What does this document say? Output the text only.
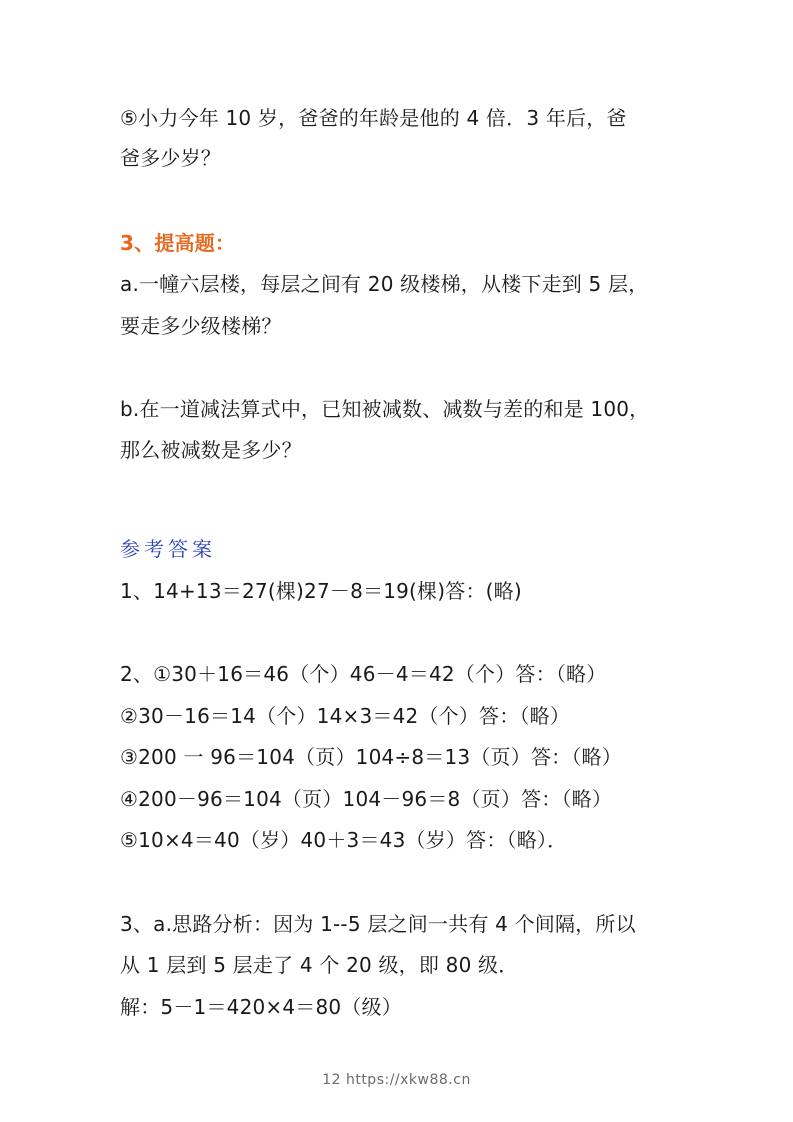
⑤小力今年 10 岁，爸爸的年龄是他的 4 倍．3 年后，爸
爸多少岁？
3、提高题：
a.一幢六层楼，每层之间有 20 级楼梯，从楼下走到 5 层，
要走多少级楼梯？
b.在一道减法算式中，已知被减数、减数与差的和是 100，
那么被减数是多少？
参考答案
1、14+13＝27(棵)27－8＝19(棵)答：(略)
2、①30＋16＝46（个）46－4＝42（个）答：（略）
②30－16＝14（个）14×3＝42（个）答：（略）
③200 一 96＝104（页）104÷8＝13（页）答：（略）
④200－96＝104（页）104－96＝8（页）答：（略）
⑤10×4＝40（岁）40＋3＝43（岁）答：（略）．
3、a.思路分析：因为 1--5 层之间一共有 4 个间隔，所以
从 1 层到 5 层走了 4 个 20 级，即 80 级．
解：5－1＝420×4＝80（级）
12 https://xkw88.cn
